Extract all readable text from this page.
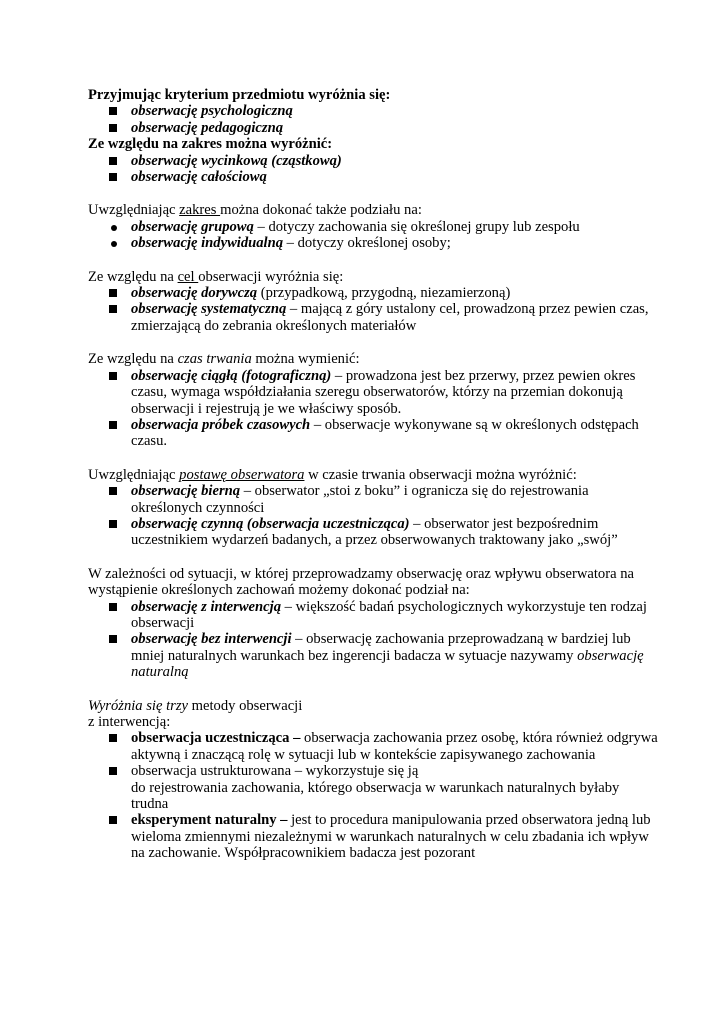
Przyjmując kryterium przedmiotu wyróżnia się:

obserwację psychologiczną
obserwację pedagogiczną

Ze względu na zakres można wyróżnić:

obserwację wycinkową (cząstkową)
obserwację całościową

Uwzględniając zakres można dokonać także podziału na:

obserwację grupową – dotyczy zachowania się określonej grupy lub zespołu
obserwację indywidualną – dotyczy określonej osoby;

Ze względu na cel obserwacji wyróżnia się:

obserwację dorywczą (przypadkową, przygodną, niezamierzoną)
obserwację systematyczną – mającą z góry ustalony cel, prowadzoną przez pewien czas, zmierzającą do zebrania określonych materiałów

Ze względu na czas trwania można wymienić:

obserwację ciągłą (fotograficzną) – prowadzona jest bez przerwy, przez pewien okres czasu, wymaga współdziałania szeregu obserwatorów, którzy na przemian dokonują obserwacji i rejestrują je we właściwy sposób.
obserwacja próbek czasowych – obserwacje wykonywane są w określonych odstępach czasu.

Uwzględniając postawę obserwatora w czasie trwania obserwacji można wyróżnić:

obserwację bierną – obserwator „stoi z boku” i ogranicza się do rejestrowania określonych czynności
obserwację czynną (obserwacja uczestnicząca) – obserwator jest bezpośrednim uczestnikiem wydarzeń badanych, a przez obserwowanych traktowany jako „swój”

W zależności od sytuacji, w której przeprowadzamy obserwację oraz wpływu obserwatora na wystąpienie określonych zachowań możemy dokonać podział na:

obserwację z interwencją – większość badań psychologicznych wykorzystuje ten rodzaj obserwacji
obserwację bez interwencji – obserwację zachowania przeprowadzaną w bardziej lub mniej naturalnych warunkach bez ingerencji badacza w sytuacje nazywamy obserwację naturalną

Wyróżnia się trzy metody obserwacji
z interwencją:

obserwacja uczestnicząca – obserwacja zachowania przez osobę, która również odgrywa aktywną i znaczącą rolę w sytuacji lub w kontekście zapisywanego zachowania
obserwacja ustrukturowana – wykorzystuje się ją
do rejestrowania zachowania, którego obserwacja w warunkach naturalnych byłaby trudna
eksperyment naturalny – jest to procedura manipulowania przed obserwatora jedną lub wieloma zmiennymi niezależnymi w warunkach naturalnych w celu zbadania ich wpływ na zachowanie. Współpracownikiem badacza jest pozorant
